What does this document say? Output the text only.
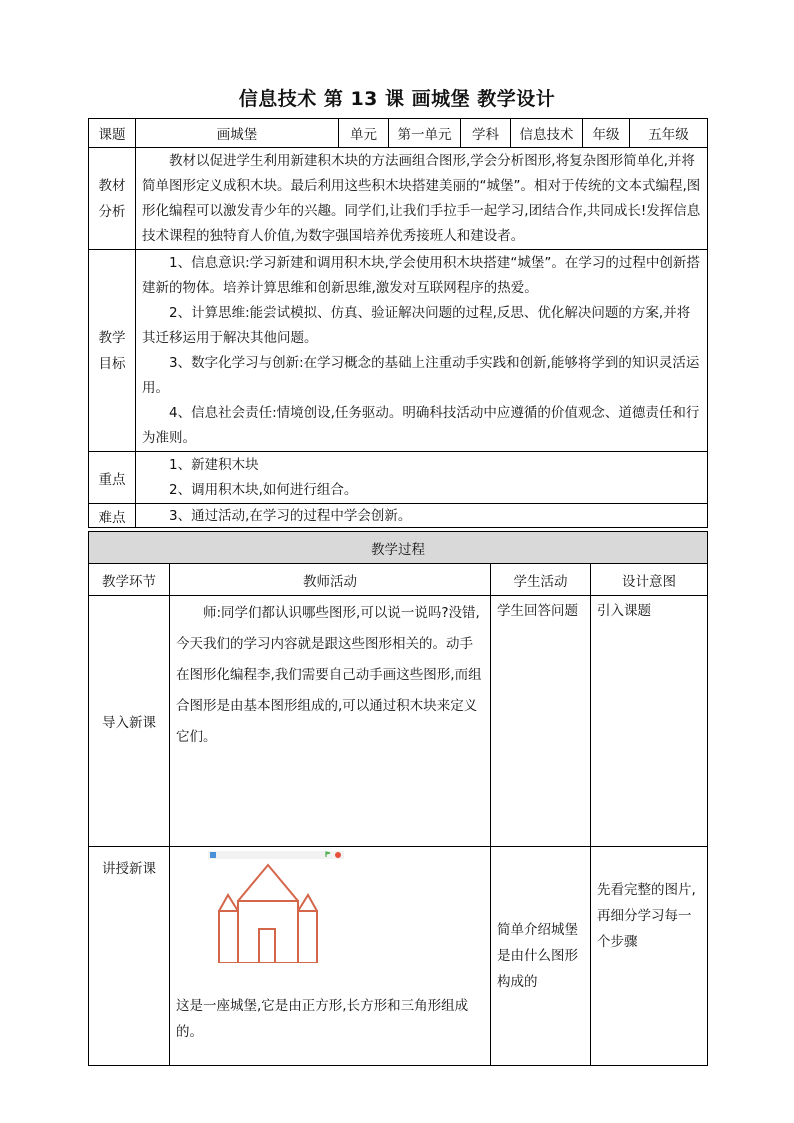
信息技术 第 13 课 画城堡 教学设计
课题	画城堡	单元	第一单元	学科	信息技术	年级	五年级
教材分析	教材以促进学生利用新建积木块的方法画组合图形,学会分析图形,将复杂图形简单化,并将简单图形定义成积木块。最后利用这些积木块搭建美丽的“城堡”。相对于传统的文本式编程,图形化编程可以激发青少年的兴趣。同学们,让我们手拉手一起学习,团结合作,共同成长!发挥信息技术课程的独特育人价值,为数字强国培养优秀接班人和建设者。						

教学目标	1、信息意识:学习新建和调用积木块,学会使用积木块搭建“城堡”。在学习的过程中创新搭建新的物体。培养计算思维和创新思维,激发对互联网程序的热爱。
2、计算思维:能尝试模拟、仿真、验证解决问题的过程,反思、优化解决问题的方案,并将其迁移运用于解决其他问题。
3、数字化学习与创新:在学习概念的基础上注重动手实践和创新,能够将学到的知识灵活运用。
4、信息社会责任:情境创设,任务驱动。明确科技活动中应遵循的价值观念、道德责任和行为准则。						

重点	1、新建积木块
2、调用积木块,如何进行组合。						

难点	3、通过活动,在学习的过程中学会创新。						
教学过程			
教学环节	教师活动	学生活动	设计意图
导入新课	师:同学们都认识哪些图形,可以说一说吗?没错,今天我们的学习内容就是跟这些图形相关的。动手在图形化编程李,我们需要自己动手画这些图形,而组合图形是由基本图形组成的,可以通过积木块来定义它们。	学生回答问题	引入课题

讲授新课	这是一座城堡,它是由正方形,长方形和三角形组成的。	简单介绍城堡是由什么图形构成的	先看完整的图片,再细分学习每一个步骤
